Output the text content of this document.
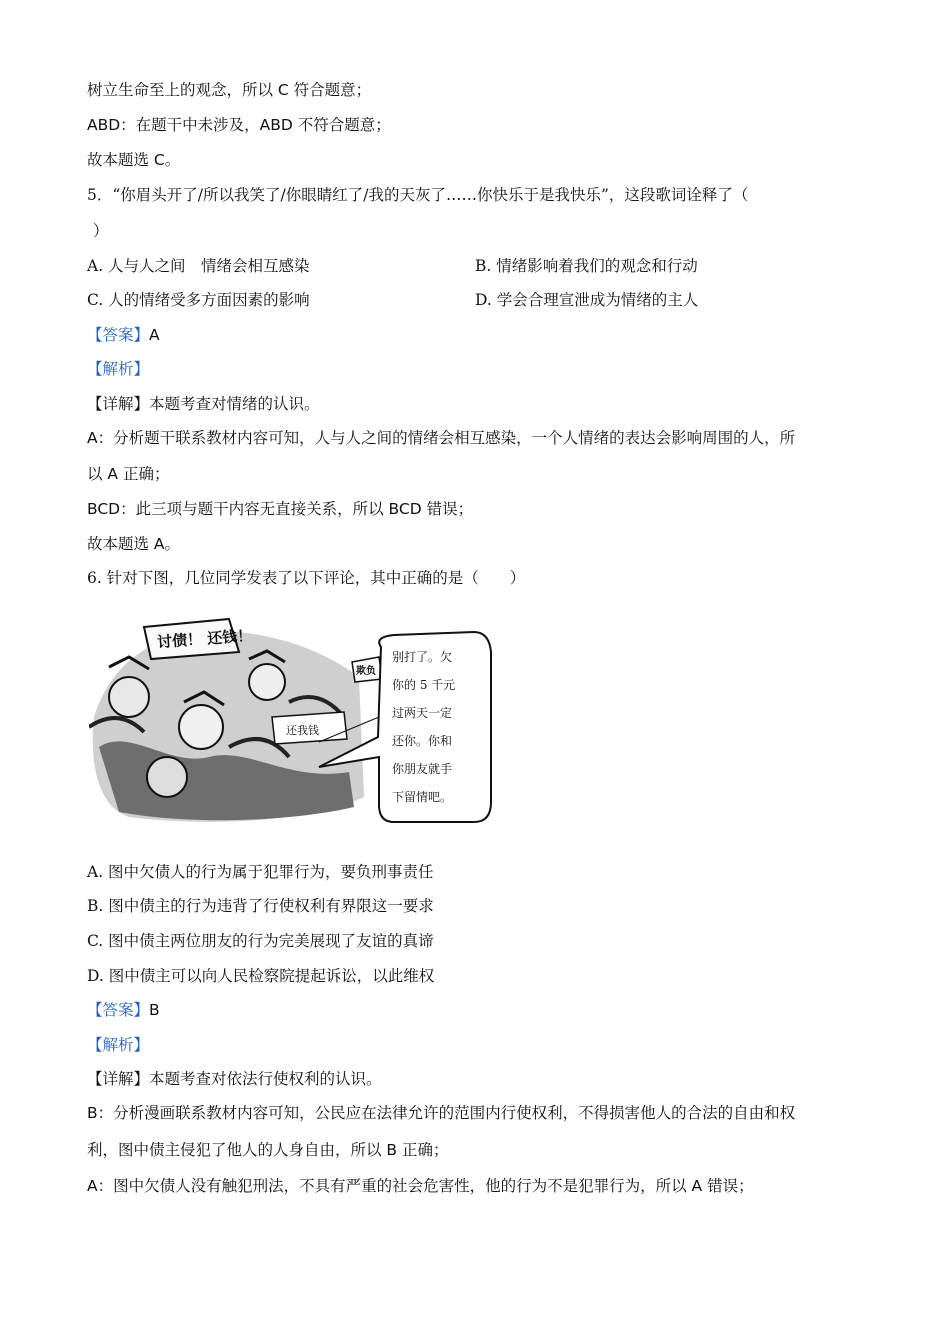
树立生命至上的观念，所以 C 符合题意；
ABD：在题干中未涉及，ABD 不符合题意；
故本题选 C。
5．“你眉头开了/所以我笑了/你眼睛红了/我的天灰了……你快乐于是我快乐”，这段歌词诠释了（
）
A. 人与人之间　情绪会相互感染	B. 情绪影响着我们的观念和行动
C. 人的情绪受多方面因素的影响	D. 学会合理宣泄成为情绪的主人
【答案】A
【解析】
【详解】本题考查对情绪的认识。
A：分析题干联系教材内容可知，人与人之间的情绪会相互感染，一个人情绪的表达会影响周围的人，所
以 A 正确；
BCD：此三项与题干内容无直接关系，所以 BCD 错误；
故本题选 A。
6. 针对下图，几位同学发表了以下评论，其中正确的是（　　）
讨债！ 还钱！
欺负
还我钱
别打了。欠
你的 5 千元
过两天一定
还你。你和
你朋友就手
下留情吧。
A. 图中欠债人的行为属于犯罪行为，要负刑事责任
B. 图中债主的行为违背了行使权利有界限这一要求
C. 图中债主两位朋友的行为完美展现了友谊的真谛
D. 图中债主可以向人民检察院提起诉讼，以此维权
【答案】B
【解析】
【详解】本题考查对依法行使权利的认识。
B：分析漫画联系教材内容可知，公民应在法律允许的范围内行使权利，不得损害他人的合法的自由和权
利，图中债主侵犯了他人的人身自由，所以 B 正确；
A：图中欠债人没有触犯刑法，不具有严重的社会危害性，他的行为不是犯罪行为，所以 A 错误；
